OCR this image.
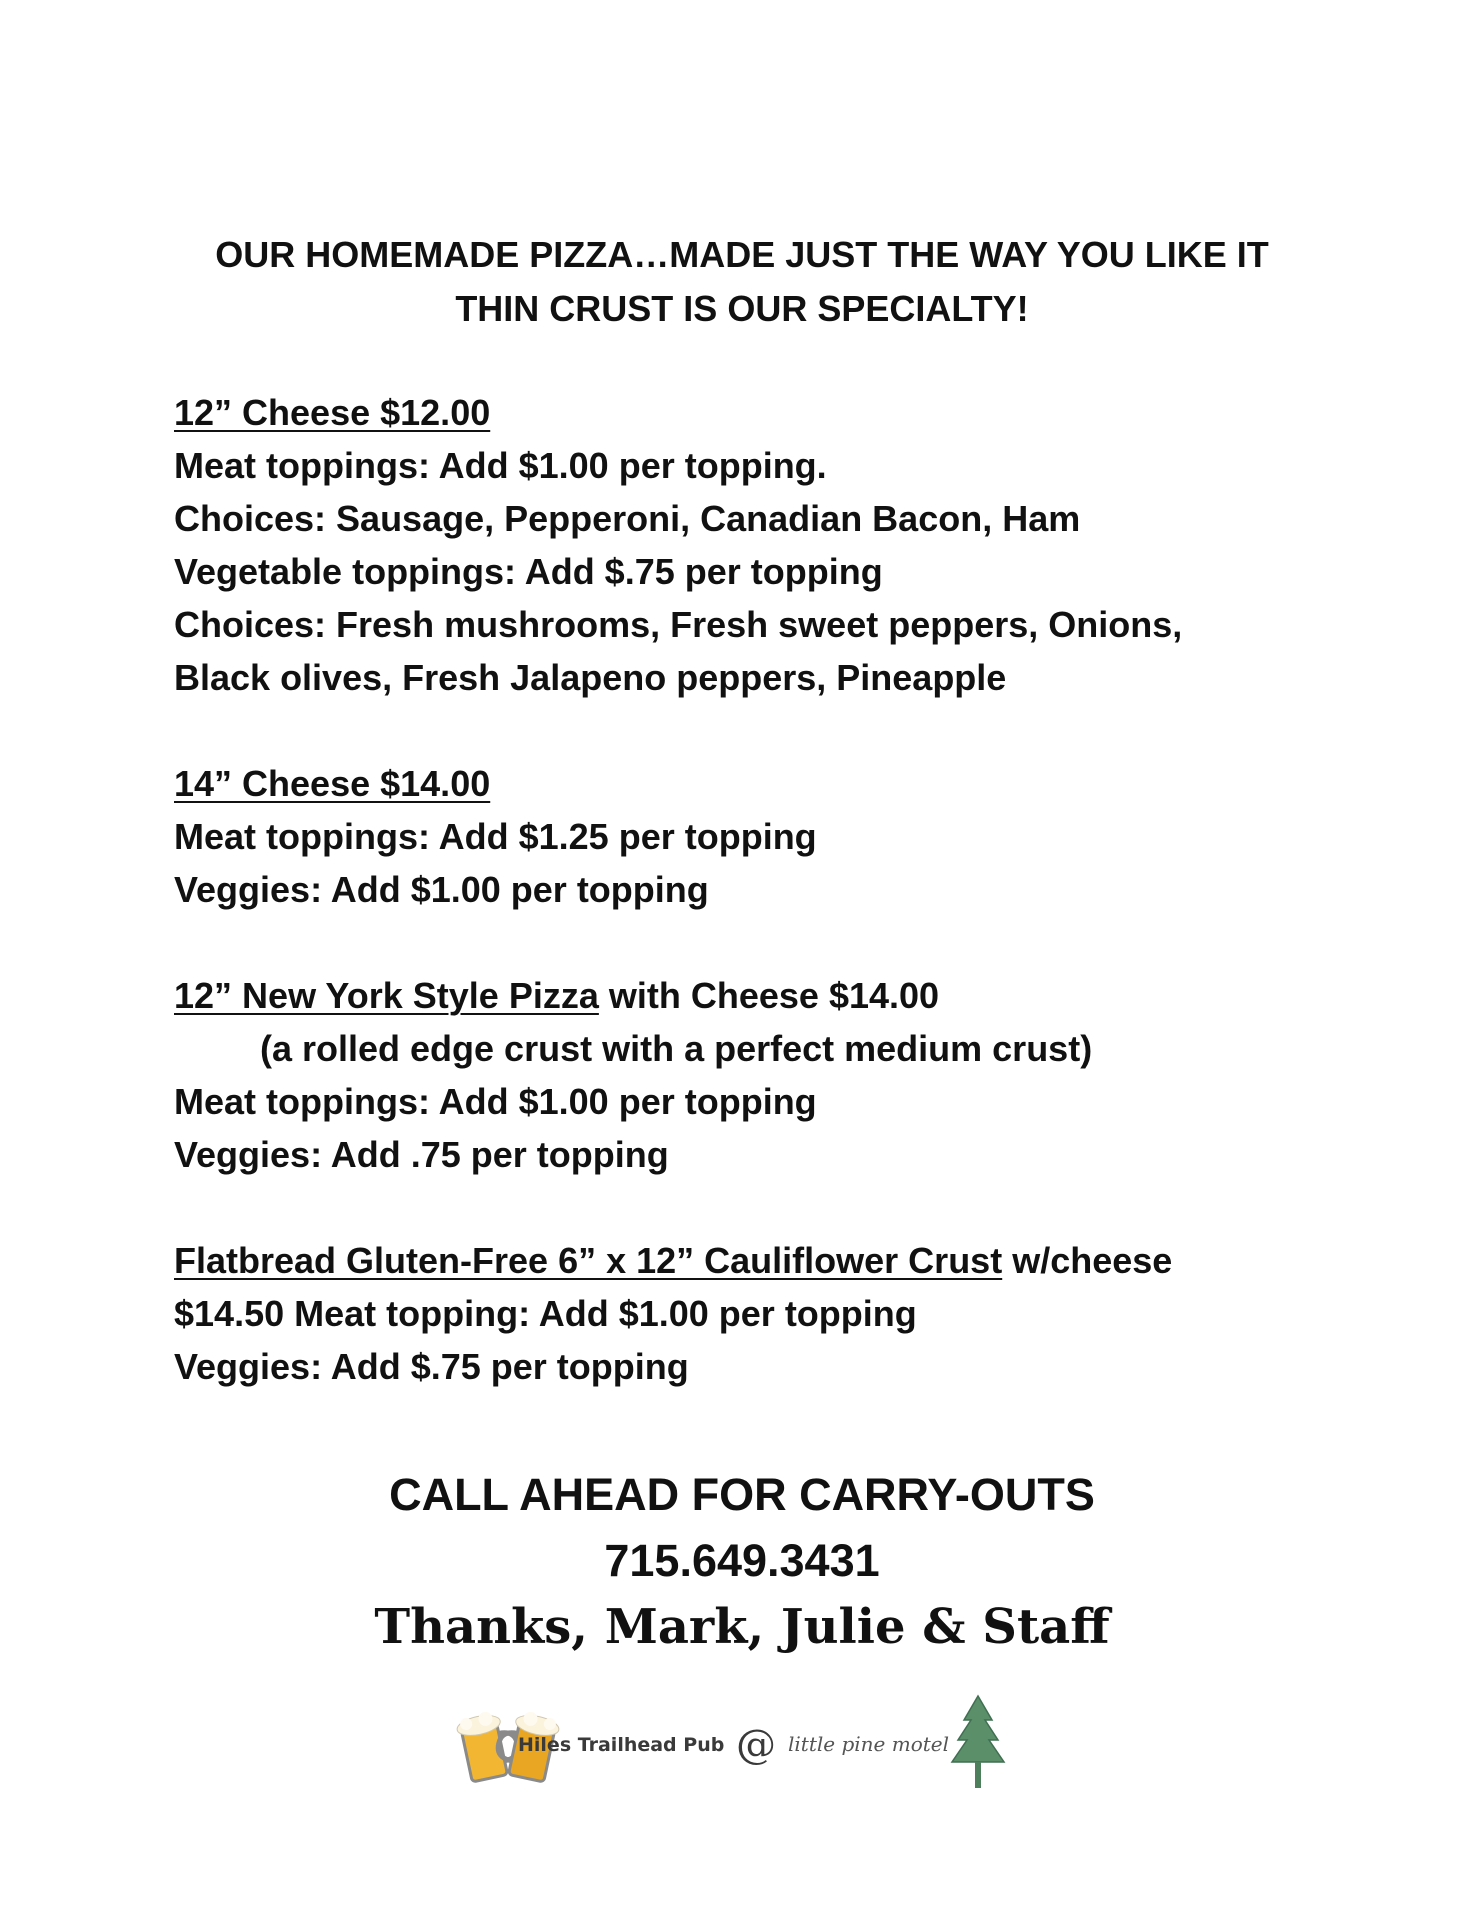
OUR HOMEMADE PIZZA…MADE JUST THE WAY YOU LIKE IT
THIN CRUST IS OUR SPECIALTY!
12” Cheese $12.00
Meat toppings: Add $1.00 per topping.
Choices: Sausage, Pepperoni, Canadian Bacon, Ham
Vegetable toppings: Add $.75 per topping
Choices: Fresh mushrooms, Fresh sweet peppers, Onions,
Black olives, Fresh Jalapeno peppers, Pineapple
14” Cheese $14.00
Meat toppings: Add $1.25 per topping
Veggies: Add $1.00 per topping
12” New York Style Pizza with Cheese $14.00
(a rolled edge crust with a perfect medium crust)
Meat toppings: Add $1.00 per topping
Veggies: Add .75 per topping
Flatbread Gluten-Free 6” x 12” Cauliflower Crust w/cheese
$14.50 Meat topping: Add $1.00 per topping
Veggies: Add $.75 per topping
CALL AHEAD FOR CARRY-OUTS
715.649.3431
Thanks, Mark, Julie & Staff
Hiles Trailhead Pub @ little pine motel
